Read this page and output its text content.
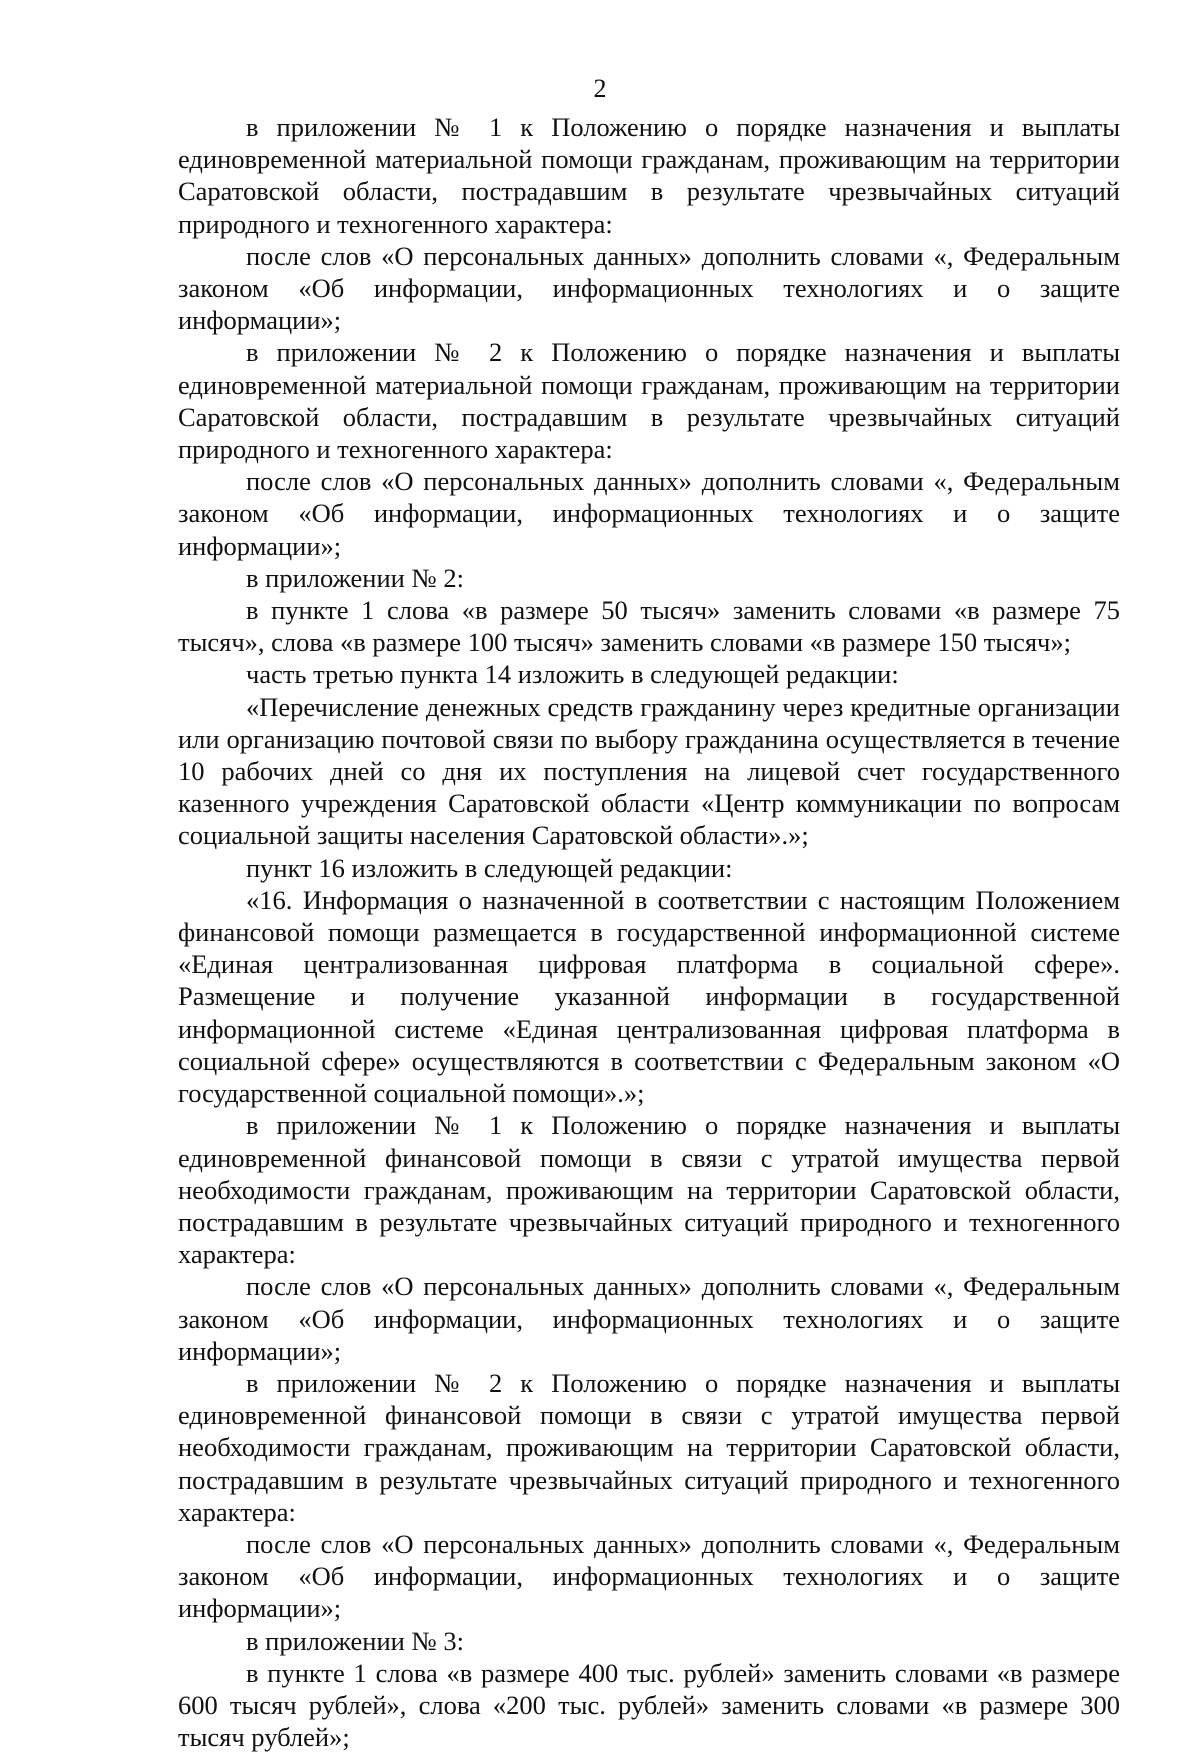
2

в приложении № 1 к Положению о порядке назначения и выплаты единовременной материальной помощи гражданам, проживающим на территории Саратовской области, пострадавшим в результате чрезвычайных ситуаций природного и техногенного характера:

после слов «О персональных данных» дополнить словами «, Федеральным законом «Об информации, информационных технологиях и о защите информации»;

в приложении № 2 к Положению о порядке назначения и выплаты единовременной материальной помощи гражданам, проживающим на территории Саратовской области, пострадавшим в результате чрезвычайных ситуаций природного и техногенного характера:

после слов «О персональных данных» дополнить словами «, Федеральным законом «Об информации, информационных технологиях и о защите информации»;

в приложении № 2:

в пункте 1 слова «в размере 50 тысяч» заменить словами «в размере 75 тысяч», слова «в размере 100 тысяч» заменить словами «в размере 150 тысяч»;

часть третью пункта 14 изложить в следующей редакции:

«Перечисление денежных средств гражданину через кредитные организации или организацию почтовой связи по выбору гражданина осуществляется в течение 10 рабочих дней со дня их поступления на лицевой счет государственного казенного учреждения Саратовской области «Центр коммуникации по вопросам социальной защиты населения Саратовской области».»;

пункт 16 изложить в следующей редакции:

«16. Информация о назначенной в соответствии с настоящим Положением финансовой помощи размещается в государственной информационной системе «Единая централизованная цифровая платформа в социальной сфере». Размещение и получение указанной информации в государственной информационной системе «Единая централизованная цифровая платформа в социальной сфере» осуществляются в соответствии с Федеральным законом «О государственной социальной помощи».»;

в приложении № 1 к Положению о порядке назначения и выплаты единовременной финансовой помощи в связи с утратой имущества первой необходимости гражданам, проживающим на территории Саратовской области, пострадавшим в результате чрезвычайных ситуаций природного и техногенного характера:

после слов «О персональных данных» дополнить словами «, Федеральным законом «Об информации, информационных технологиях и о защите информации»;

в приложении № 2 к Положению о порядке назначения и выплаты единовременной финансовой помощи в связи с утратой имущества первой необходимости гражданам, проживающим на территории Саратовской области, пострадавшим в результате чрезвычайных ситуаций природного и техногенного характера:

после слов «О персональных данных» дополнить словами «, Федеральным законом «Об информации, информационных технологиях и о защите информации»;

в приложении № 3:

в пункте 1 слова «в размере 400 тыс. рублей» заменить словами «в размере 600 тысяч рублей», слова «200 тыс. рублей» заменить словами «в размере 300 тысяч рублей»;
